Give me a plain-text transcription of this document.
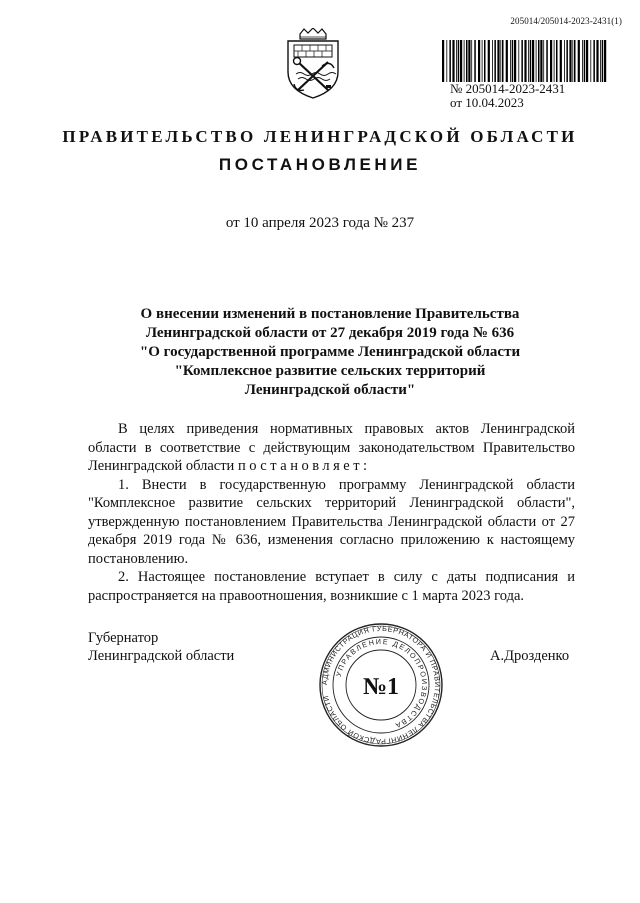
205014/205014-2023-2431(1)
№ 205014-2023-2431
от 10.04.2023
ПРАВИТЕЛЬСТВО ЛЕНИНГРАДСКОЙ ОБЛАСТИ
ПОСТАНОВЛЕНИЕ
от 10 апреля 2023 года № 237
О внесении изменений в постановление Правительства
Ленинградской области от 27 декабря 2019 года № 636
"О государственной программе Ленинградской области
"Комплексное развитие сельских территорий
Ленинградской области"

В целях приведения нормативных правовых актов Ленинградской области в соответствие с действующим законодательством Правительство Ленинградской области постановляет:

1. Внести в государственную программу Ленинградской области "Комплексное развитие сельских территорий Ленинградской области", утвержденную постановлением Правительства Ленинградской области от 27 декабря 2019 года № 636, изменения согласно приложению к настоящему постановлению.

2. Настоящее постановление вступает в силу с даты подписания и распространяется на правоотношения, возникшие с 1 марта 2023 года.

Губернатор
Ленинградской области	А.Дрозденко
АДМИНИСТРАЦИЯ ГУБЕРНАТОРА И ПРАВИТЕЛЬСТВА ЛЕНИНГРАДСКОЙ ОБЛАСТИ
УПРАВЛЕНИЕ ДЕЛОПРОИЗВОДСТВА
№1
